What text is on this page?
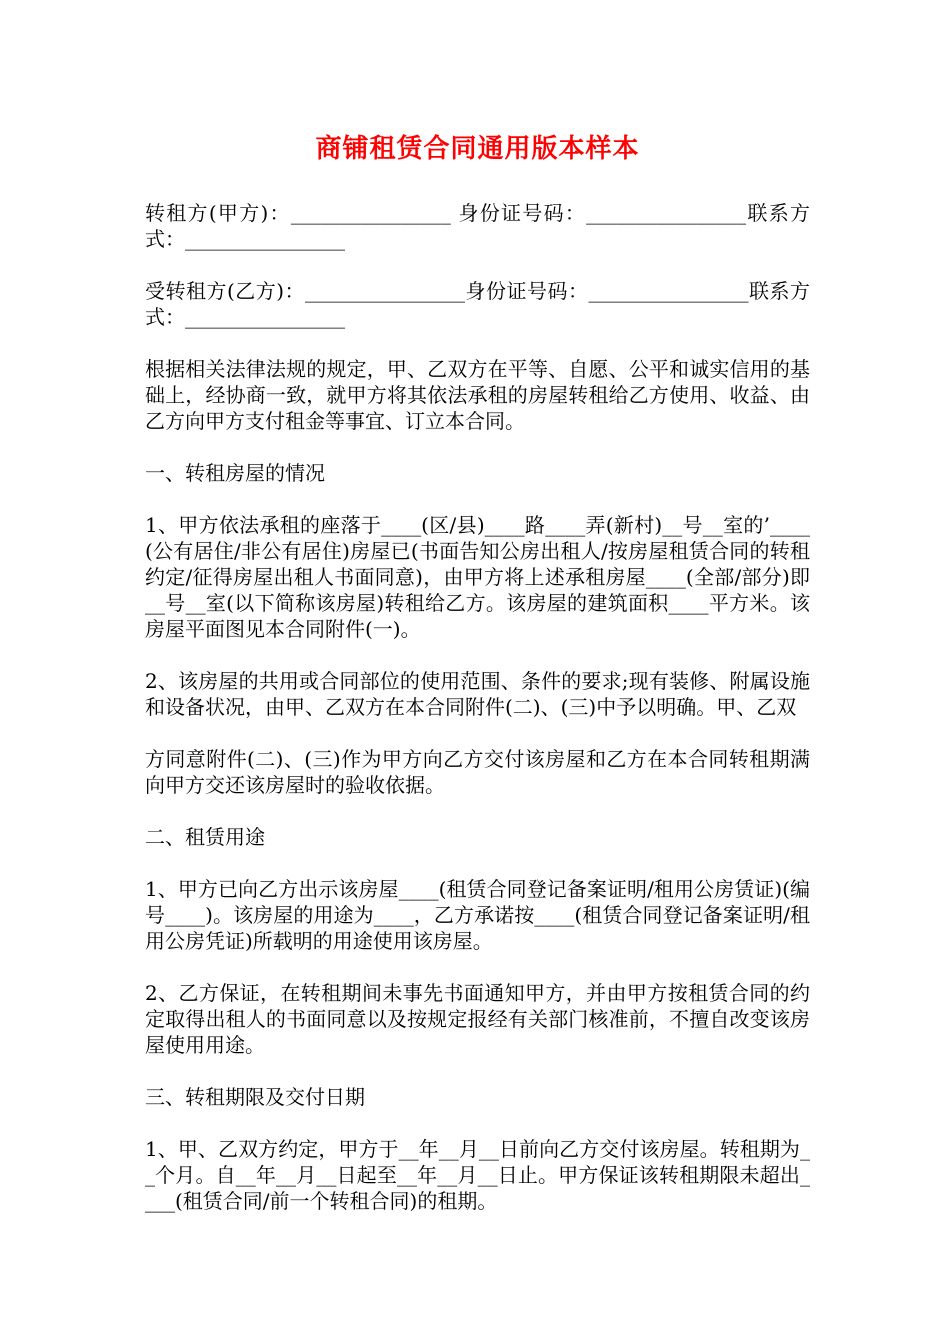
商铺租赁合同通用版本样本

转租方(甲方)：________________ 身份证号码：________________联系方式：________________

受转租方(乙方)：________________身份证号码：________________联系方式：________________

根据相关法律法规的规定，甲、乙双方在平等、自愿、公平和诚实信用的基础上，经协商一致，就甲方将其依法承租的房屋转租给乙方使用、收益、由乙方向甲方支付租金等事宜、订立本合同。

一、转租房屋的情况

1、甲方依法承租的座落于____(区/县)____路____弄(新村)__号__室的’____(公有居住/非公有居住)房屋已(书面告知公房出租人/按房屋租赁合同的转租约定/征得房屋出租人书面同意)，由甲方将上述承租房屋____(全部/部分)即__号__室(以下简称该房屋)转租给乙方。该房屋的建筑面积____平方米。该房屋平面图见本合同附件(一)。

2、该房屋的共用或合同部位的使用范围、条件的要求;现有装修、附属设施和设备状况，由甲、乙双方在本合同附件(二)、(三)中予以明确。甲、乙双

方同意附件(二)、(三)作为甲方向乙方交付该房屋和乙方在本合同转租期满向甲方交还该房屋时的验收依据。

二、租赁用途

1、甲方已向乙方出示该房屋____(租赁合同登记备案证明/租用公房赁证)(编号____)。该房屋的用途为____，乙方承诺按____(租赁合同登记备案证明/租用公房凭证)所载明的用途使用该房屋。

2、乙方保证，在转租期间未事先书面通知甲方，并由甲方按租赁合同的约定取得出租人的书面同意以及按规定报经有关部门核准前，不擅自改变该房屋使用用途。

三、转租期限及交付日期

1、甲、乙双方约定，甲方于__年__月__日前向乙方交付该房屋。转租期为__个月。自__年__月__日起至__年__月__日止。甲方保证该转租期限未超出____(租赁合同/前一个转租合同)的租期。
